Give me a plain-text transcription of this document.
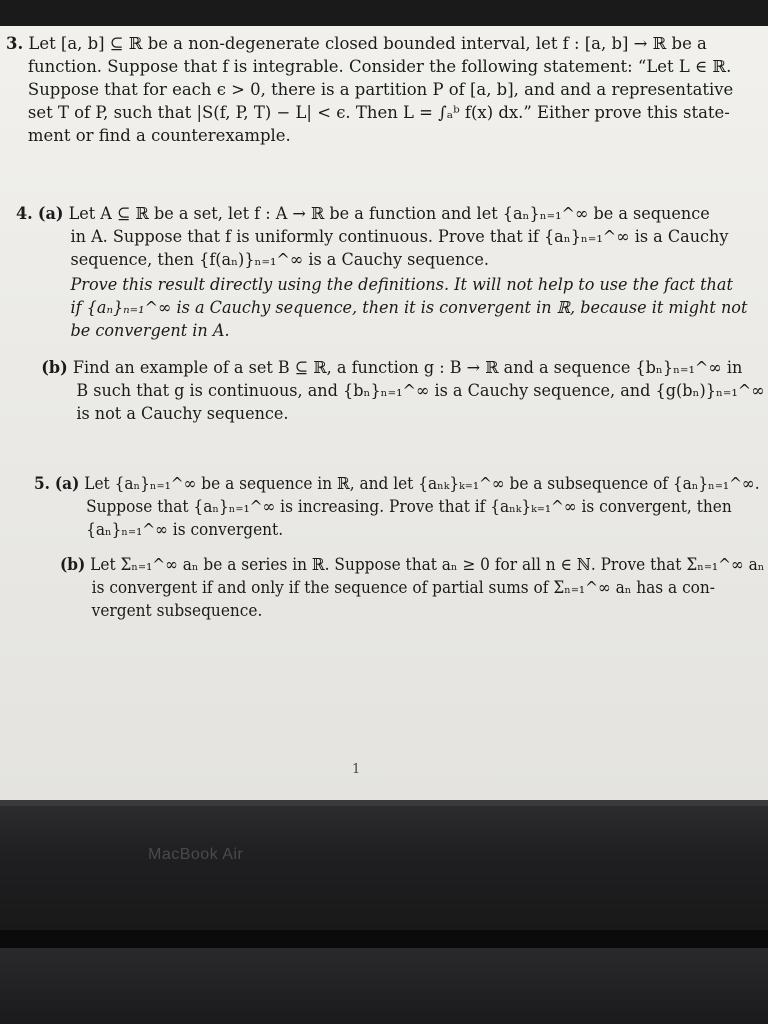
3. Let [a, b] ⊆ ℝ be a non-degenerate closed bounded interval, let f : [a, b] → ℝ be a
function. Suppose that f is integrable. Consider the following statement: “Let L ∈ ℝ.
Suppose that for each ϵ > 0, there is a partition P of [a, b], and and a representative
set T of P, such that |S(f, P, T) − L| < ϵ. Then L = ∫ₐᵇ f(x) dx.” Either prove this state-
ment or find a counterexample.
4. (a) Let A ⊆ ℝ be a set, let f : A → ℝ be a function and let {aₙ}ₙ₌₁^∞ be a sequence
in A. Suppose that f is uniformly continuous. Prove that if {aₙ}ₙ₌₁^∞ is a Cauchy
sequence, then {f(aₙ)}ₙ₌₁^∞ is a Cauchy sequence.
Prove this result directly using the definitions. It will not help to use the fact that
if {aₙ}ₙ₌₁^∞ is a Cauchy sequence, then it is convergent in ℝ, because it might not
be convergent in A.
(b) Find an example of a set B ⊆ ℝ, a function g : B → ℝ and a sequence {bₙ}ₙ₌₁^∞ in
B such that g is continuous, and {bₙ}ₙ₌₁^∞ is a Cauchy sequence, and {g(bₙ)}ₙ₌₁^∞
is not a Cauchy sequence.
5. (a) Let {aₙ}ₙ₌₁^∞ be a sequence in ℝ, and let {aₙₖ}ₖ₌₁^∞ be a subsequence of {aₙ}ₙ₌₁^∞.
Suppose that {aₙ}ₙ₌₁^∞ is increasing. Prove that if {aₙₖ}ₖ₌₁^∞ is convergent, then
{aₙ}ₙ₌₁^∞ is convergent.
(b) Let Σₙ₌₁^∞ aₙ be a series in ℝ. Suppose that aₙ ≥ 0 for all n ∈ ℕ. Prove that Σₙ₌₁^∞ aₙ
is convergent if and only if the sequence of partial sums of Σₙ₌₁^∞ aₙ has a con-
vergent subsequence.
1
MacBook Air
